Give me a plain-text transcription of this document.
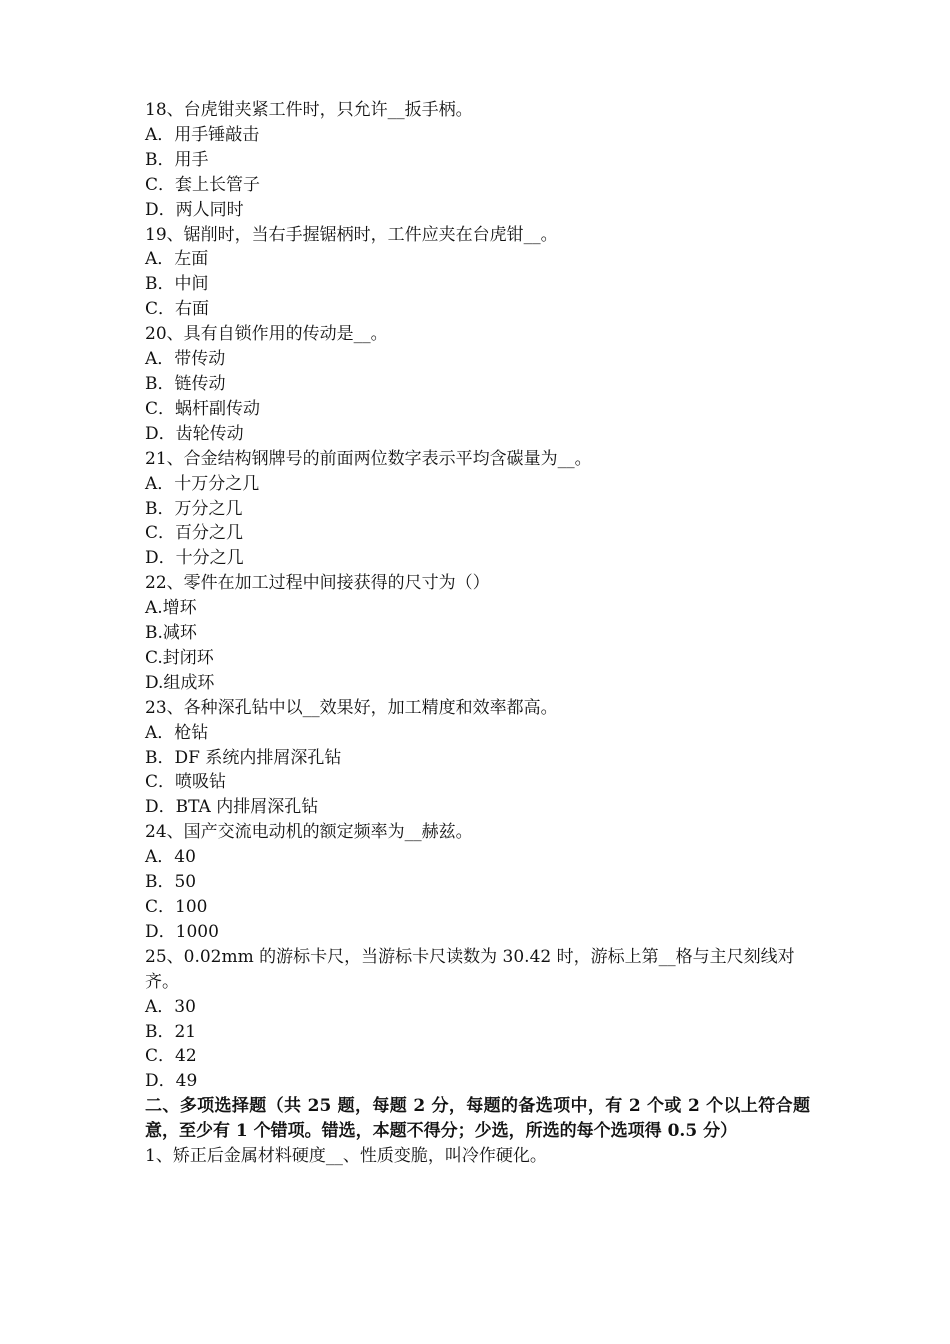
18、台虎钳夹紧工件时，只允许__扳手柄。
A．用手锤敲击
B．用手
C．套上长管子
D．两人同时
19、锯削时，当右手握锯柄时，工件应夹在台虎钳__。
A．左面
B．中间
C．右面
20、具有自锁作用的传动是__。
A．带传动
B．链传动
C．蜗杆副传动
D．齿轮传动
21、合金结构钢牌号的前面两位数字表示平均含碳量为__。
A．十万分之几
B．万分之几
C．百分之几
D．十分之几
22、零件在加工过程中间接获得的尺寸为（）
A.增环
B.减环
C.封闭环
D.组成环
23、各种深孔钻中以__效果好，加工精度和效率都高。
A．枪钻
B．DF 系统内排屑深孔钻
C．喷吸钻
D．BTA 内排屑深孔钻
24、国产交流电动机的额定频率为__赫兹。
A．40
B．50
C．100
D．1000
25、0.02mm 的游标卡尺，当游标卡尺读数为 30.42 时，游标上第__格与主尺刻线对齐。
A．30
B．21
C．42
D．49
二、多项选择题（共 25 题，每题 2 分，每题的备选项中，有 2 个或 2 个以上符合题意，至少有 1 个错项。错选，本题不得分；少选，所选的每个选项得 0.5 分）
1、矫正后金属材料硬度__、性质变脆，叫冷作硬化。
